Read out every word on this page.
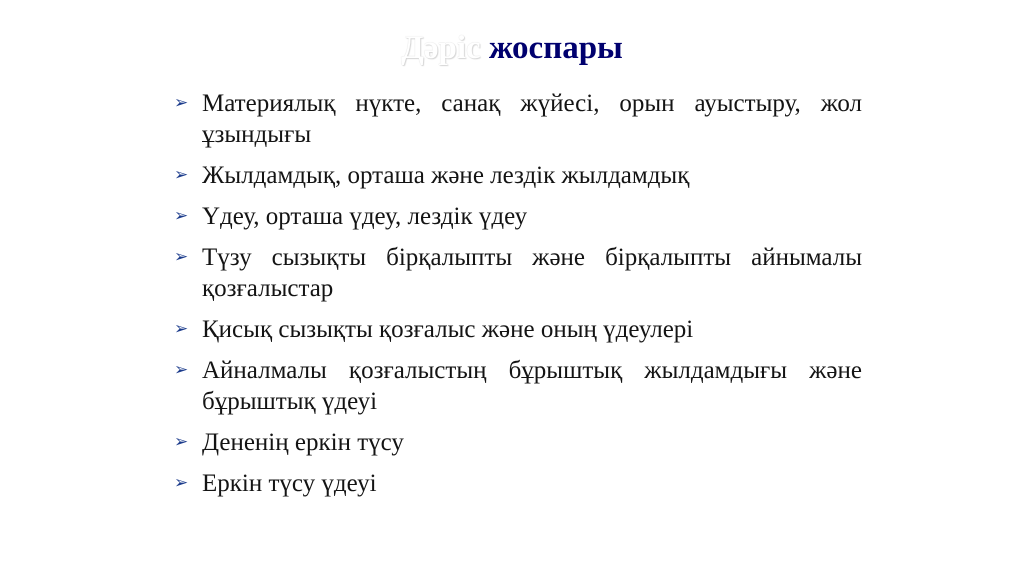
Дәріс жоспары
➢ Материялық нүкте, санақ жүйесі, орын ауыстыру, жол ұзындығы
➢ Жылдамдық, орташа және лездік жылдамдық
➢ Үдеу, орташа үдеу, лездік үдеу
➢ Түзу сызықты бірқалыпты және бірқалыпты айнымалы қозғалыстар
➢ Қисық сызықты қозғалыс және оның үдеулері
➢ Айналмалы қозғалыстың бұрыштық жылдамдығы және бұрыштық үдеуі
➢ Дененің еркін түсу
➢ Еркін түсу үдеуі
